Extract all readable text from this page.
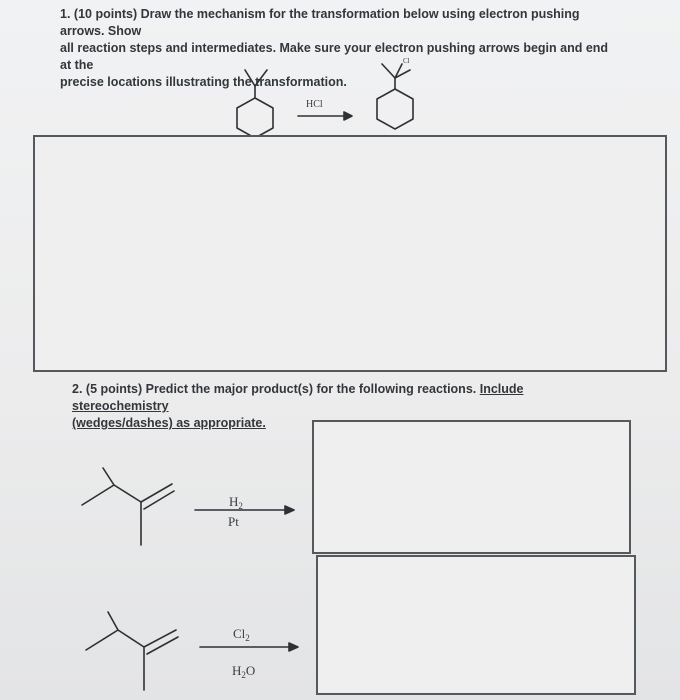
1. (10 points) Draw the mechanism for the transformation below using electron pushing arrows. Show
all reaction steps and intermediates. Make sure your electron pushing arrows begin and end at the
precise locations illustrating the transformation.
HCl
Cl
2. (5 points) Predict the major product(s) for the following reactions. Include stereochemistry
(wedges/dashes) as appropriate.
$H_2$
Pt
$Cl_2$
$H_2O$
